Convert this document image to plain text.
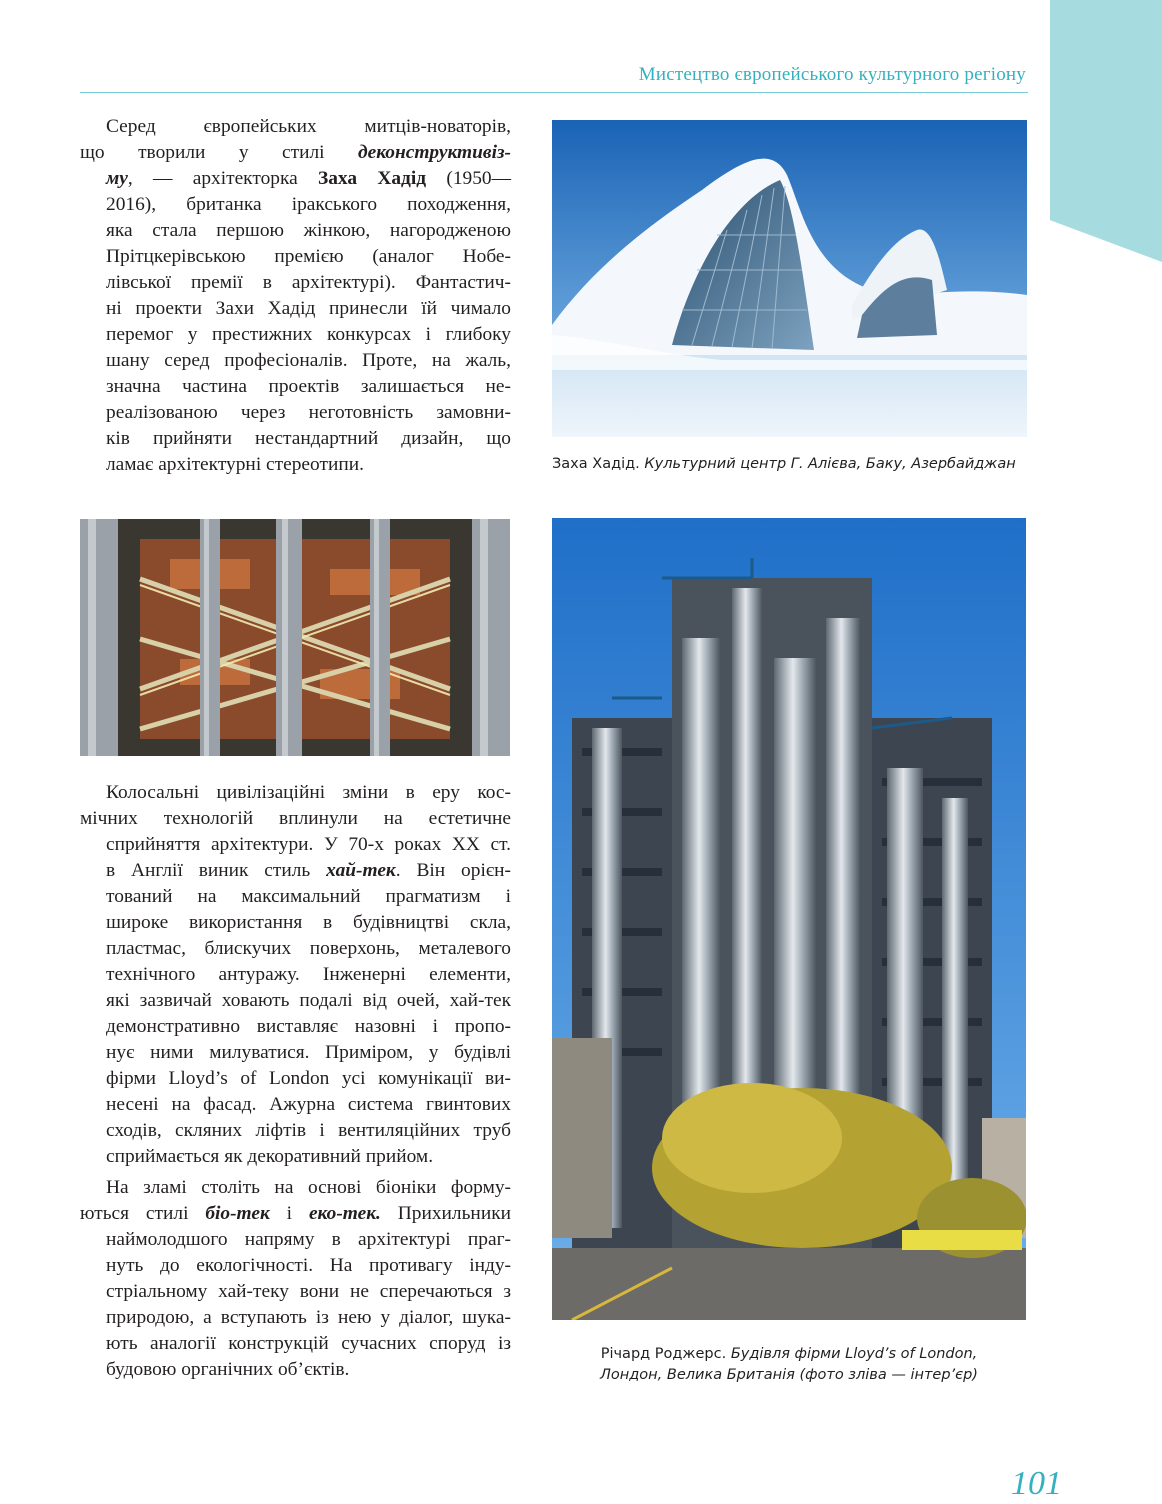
Мистецтво європейського культурного регіону

Серед європейських митців-новаторів,
що творили у стилі деконструктивіз-
му, — архітекторка Заха Хадід (1950—
2016), британка іракського походження,
яка стала першою жінкою, нагородженою
Прітцкерівською премією (аналог Нобе-
лівської премії в архітектурі). Фантастич-
ні проекти Захи Хадід принесли їй чимало
перемог у престижних конкурсах і глибоку
шану серед професіоналів. Проте, на жаль,
значна частина проектів залишається не-
реалізованою через неготовність замовни-
ків прийняти нестандартний дизайн, що
ламає архітектурні стереотипи.	Заха Хадід. Культурний центр Г. Алієва, Баку, Азербайджан

Колосальні цивілізаційні зміни в еру кос-
мічних технологій вплинули на естетичне
сприйняття архітектури. У 70-х роках XX ст.
в Англії виник стиль хай-тек. Він орієн-
тований на максимальний прагматизм і
широке використання в будівництві скла,
пластмас, блискучих поверхонь, металевого
технічного антуражу. Інженерні елементи,
які зазвичай ховають подалі від очей, хай-тек
демонстративно виставляє назовні і пропо-
нує ними милуватися. Приміром, у будівлі
фірми Lloyd’s of London усі комунікації ви-
несені на фасад. Ажурна система гвинтових
сходів, скляних ліфтів і вентиляційних труб
сприймається як декоративний прийом.

На зламі століть на основі біоніки форму-
ються стилі біо-тек і еко-тек. Прихильники
наймолодшого напряму в архітектурі праг-
нуть до екологічності. На противагу інду-
стріальному хай-теку вони не сперечаються з
природою, а вступають із нею у діалог, шука-
ють аналогії конструкцій сучасних споруд із
будовою органічних об’єктів.

Річард Роджерс. Будівля фірми Lloyd’s of London,
Лондон, Велика Британія (фото зліва — інтер’єр)
101
